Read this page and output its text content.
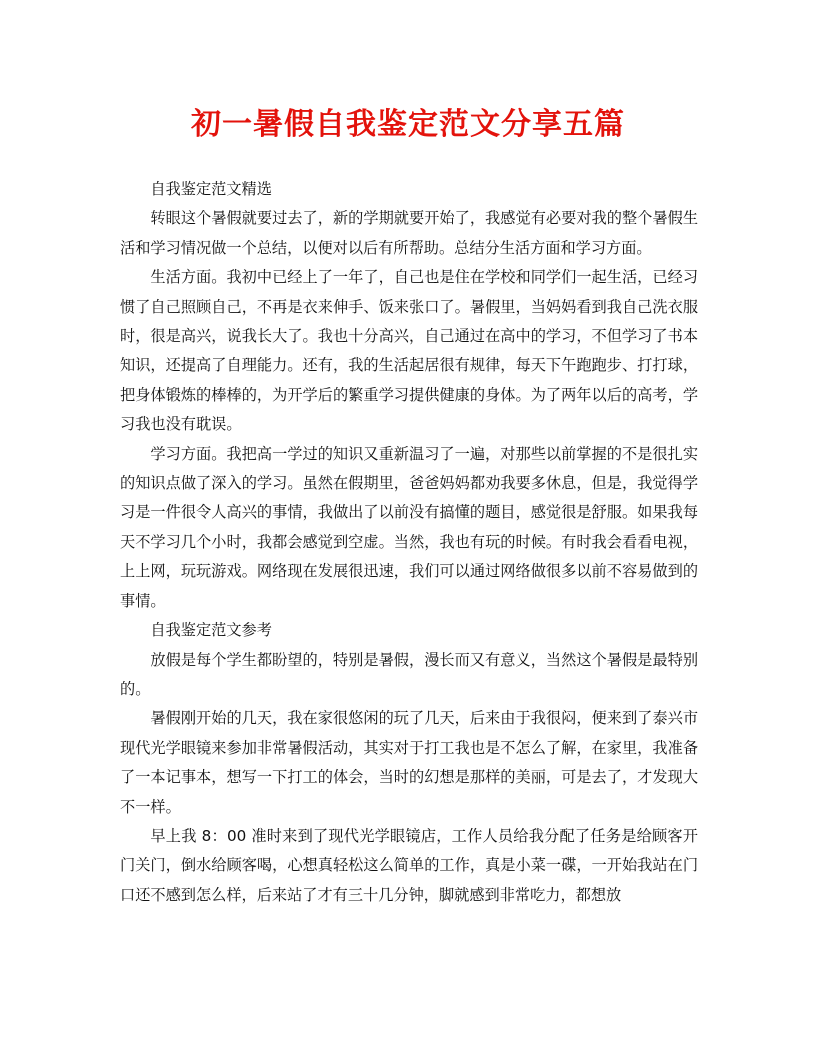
初一暑假自我鉴定范文分享五篇

自我鉴定范文精选

转眼这个暑假就要过去了，新的学期就要开始了，我感觉有必要对我的整个暑假生活和学习情况做一个总结，以便对以后有所帮助。总结分生活方面和学习方面。

生活方面。我初中已经上了一年了，自己也是住在学校和同学们一起生活，已经习惯了自己照顾自己，不再是衣来伸手、饭来张口了。暑假里，当妈妈看到我自己洗衣服时，很是高兴，说我长大了。我也十分高兴，自己通过在高中的学习，不但学习了书本知识，还提高了自理能力。还有，我的生活起居很有规律，每天下午跑跑步、打打球，把身体锻炼的棒棒的，为开学后的繁重学习提供健康的身体。为了两年以后的高考，学习我也没有耽误。

学习方面。我把高一学过的知识又重新温习了一遍，对那些以前掌握的不是很扎实的知识点做了深入的学习。虽然在假期里，爸爸妈妈都劝我要多休息，但是，我觉得学习是一件很令人高兴的事情，我做出了以前没有搞懂的题目，感觉很是舒服。如果我每天不学习几个小时，我都会感觉到空虚。当然，我也有玩的时候。有时我会看看电视，上上网，玩玩游戏。网络现在发展很迅速，我们可以通过网络做很多以前不容易做到的事情。

自我鉴定范文参考

放假是每个学生都盼望的，特别是暑假，漫长而又有意义，当然这个暑假是最特别的。

暑假刚开始的几天，我在家很悠闲的玩了几天，后来由于我很闷，便来到了泰兴市现代光学眼镜来参加非常暑假活动，其实对于打工我也是不怎么了解，在家里，我准备了一本记事本，想写一下打工的体会，当时的幻想是那样的美丽，可是去了，才发现大不一样。

早上我 8：00 准时来到了现代光学眼镜店，工作人员给我分配了任务是给顾客开门关门，倒水给顾客喝，心想真轻松这么简单的工作，真是小菜一碟，一开始我站在门口还不感到怎么样，后来站了才有三十几分钟，脚就感到非常吃力，都想放
